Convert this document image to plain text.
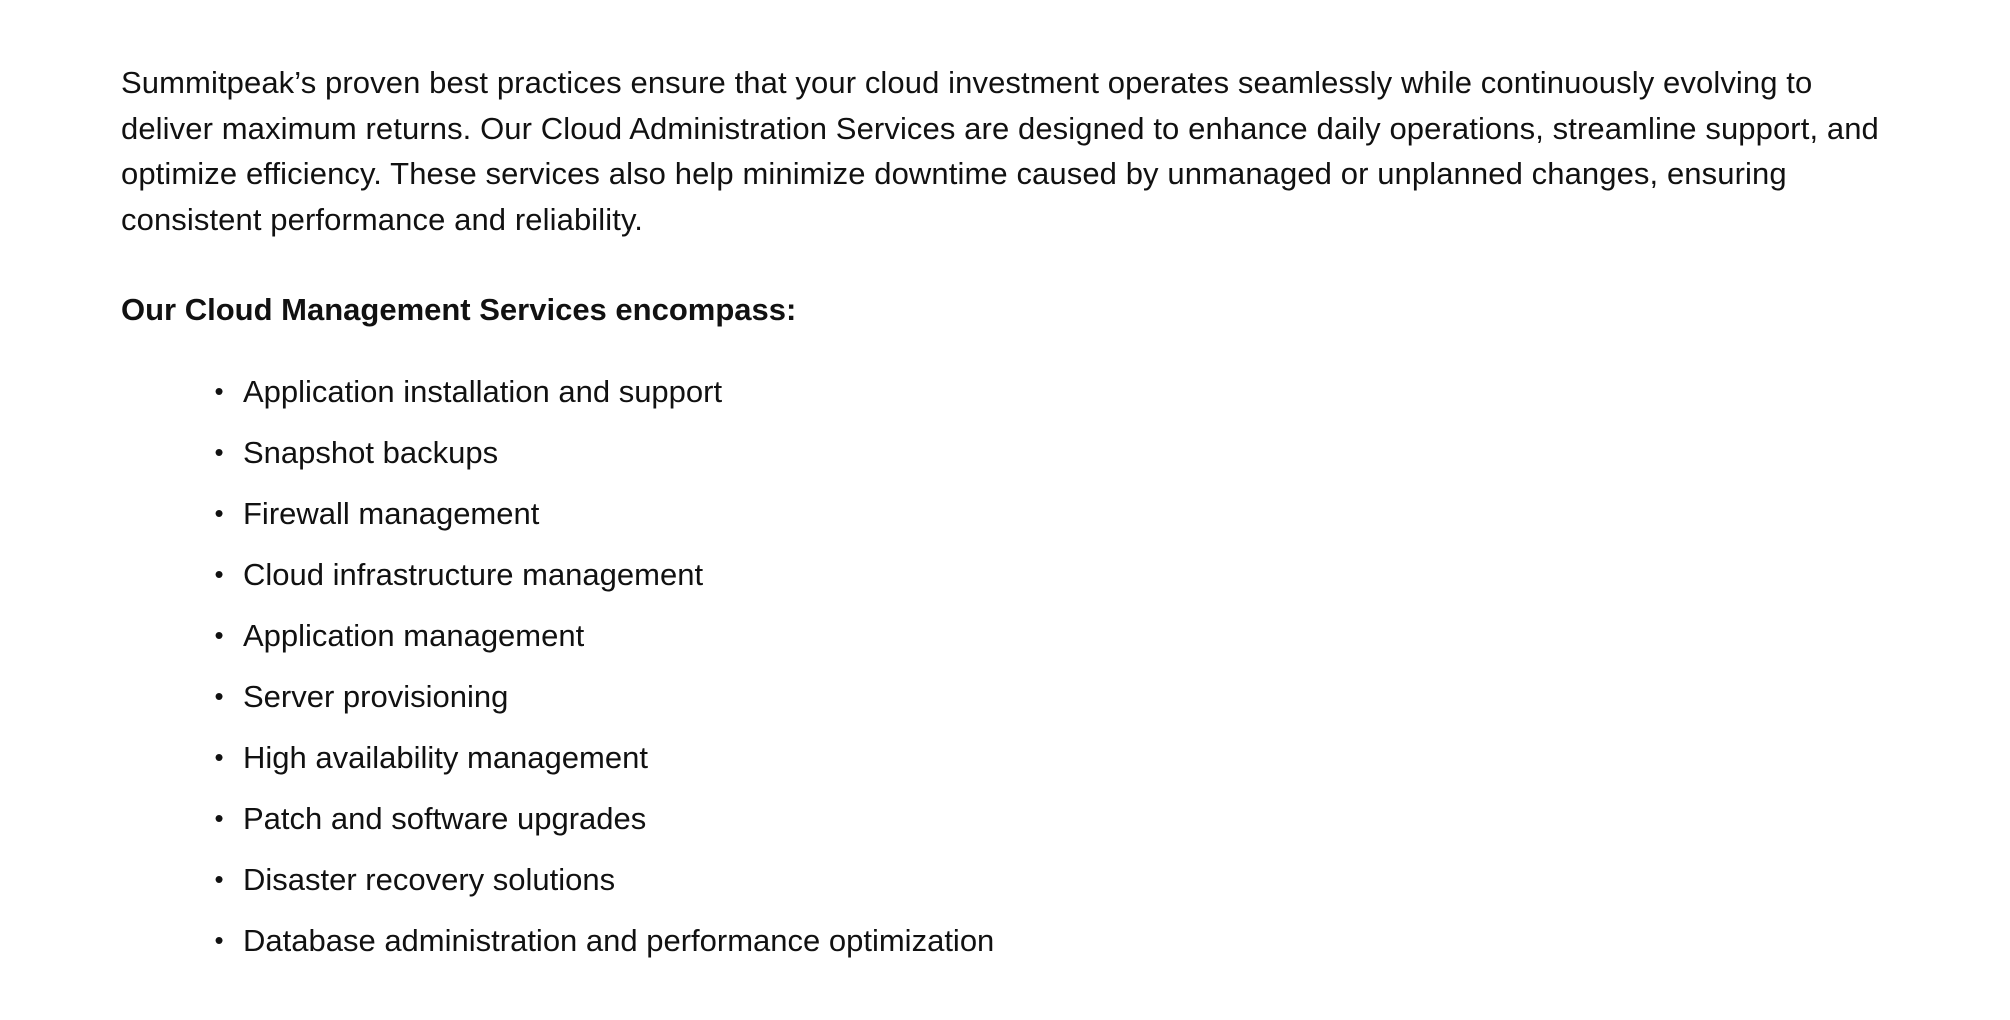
Summitpeak’s proven best practices ensure that your cloud investment operates seamlessly while continuously evolving to deliver maximum returns. Our Cloud Administration Services are designed to enhance daily operations, streamline support, and optimize efficiency. These services also help minimize downtime caused by unmanaged or unplanned changes, ensuring consistent performance and reliability.

Our Cloud Management Services encompass:
• Application installation and support
• Snapshot backups
• Firewall management
• Cloud infrastructure management
• Application management
• Server provisioning
• High availability management
• Patch and software upgrades
• Disaster recovery solutions
• Database administration and performance optimization
